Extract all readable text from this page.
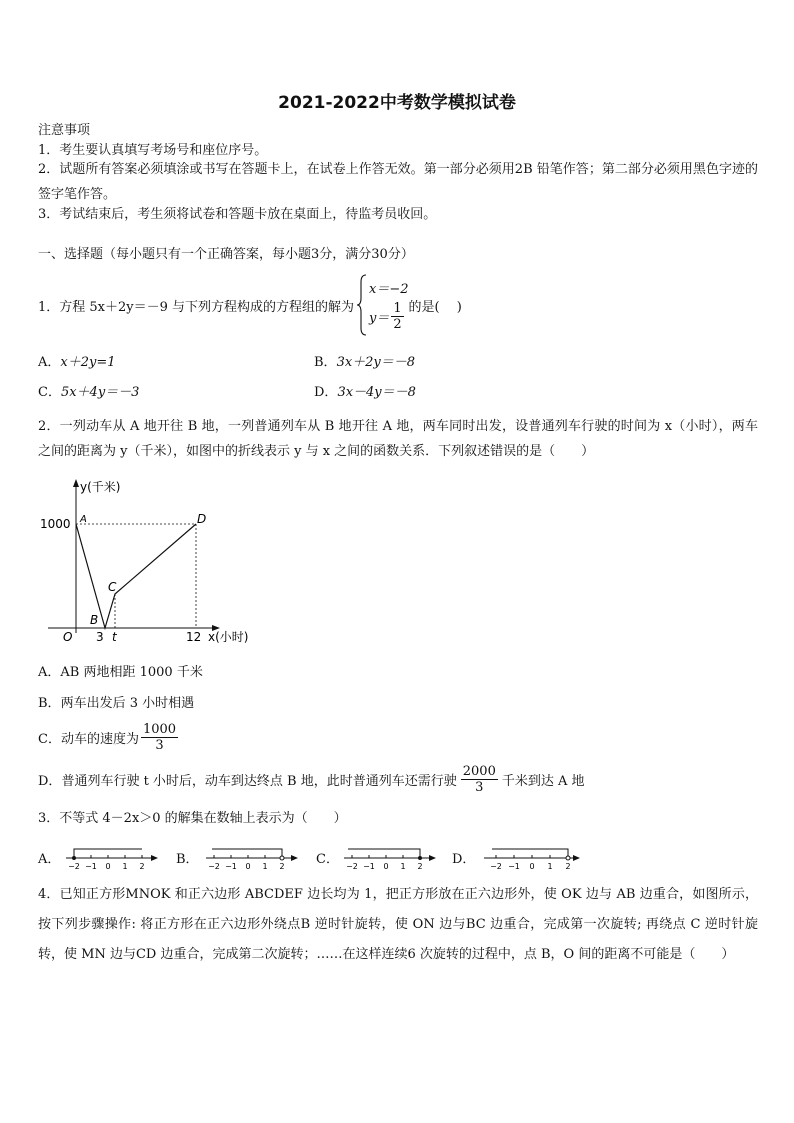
2021-2022中考数学模拟试卷
注意事项
1．考生要认真填写考场号和座位序号。
2．试题所有答案必须填涂或书写在答题卡上，在试卷上作答无效。第一部分必须用2B 铅笔作答；第二部分必须用黑色字迹的签字笔作答。
3．考试结束后，考生须将试卷和答题卡放在桌面上，待监考员收回。
一、选择题（每小题只有一个正确答案，每小题3分，满分30分）
1．方程 5x＋2y＝－9 与下列方程构成的方程组的解为
x＝−2
$y= \frac{1}{2}$ 的是(　 )
A．x＋2y=1	B．3x＋2y＝－8
C．5x＋4y＝－3	D．3x－4y＝－8
2．一列动车从 A 地开往 B 地，一列普通列车从 B 地开往 A 地，两车同时出发，设普通列车行驶的时间为 x（小时），两车之间的距离为 y（千米），如图中的折线表示 y 与 x 之间的函数关系．下列叙述错误的是（　　）
y(千米)
x(小时)
1000
O 3 t	12
A
B
C
D
A．AB 两地相距 1000 千米
B．两车出发后 3 小时相遇
C． 动车的速度为 $\frac{1000}{3}$
D． 普通列车行驶 t 小时后，动车到达终点 B 地，此时普通列车还需行驶 $\frac{2000}{3}$ 千米到达 A 地
3．不等式 4－2x＞0 的解集在数轴上表示为（　　）
A． −2 −1 0 1 2 B． −2 −1 0 1 2 C． −2 −1 0 1 2 D． −2 −1 0 1 2
4．已知正方形MNOK 和正六边形 ABCDEF 边长均为 1，把正方形放在正六边形外，使 OK 边与 AB 边重合，如图所示，按下列步骤操作: 将正方形在正六边形外绕点B 逆时针旋转，使 ON 边与BC 边重合，完成第一次旋转; 再绕点 C 逆时针旋转，使 MN 边与CD 边重合，完成第二次旋转；……在这样连续6 次旋转的过程中，点 B，O 间的距离不可能是（　　）
